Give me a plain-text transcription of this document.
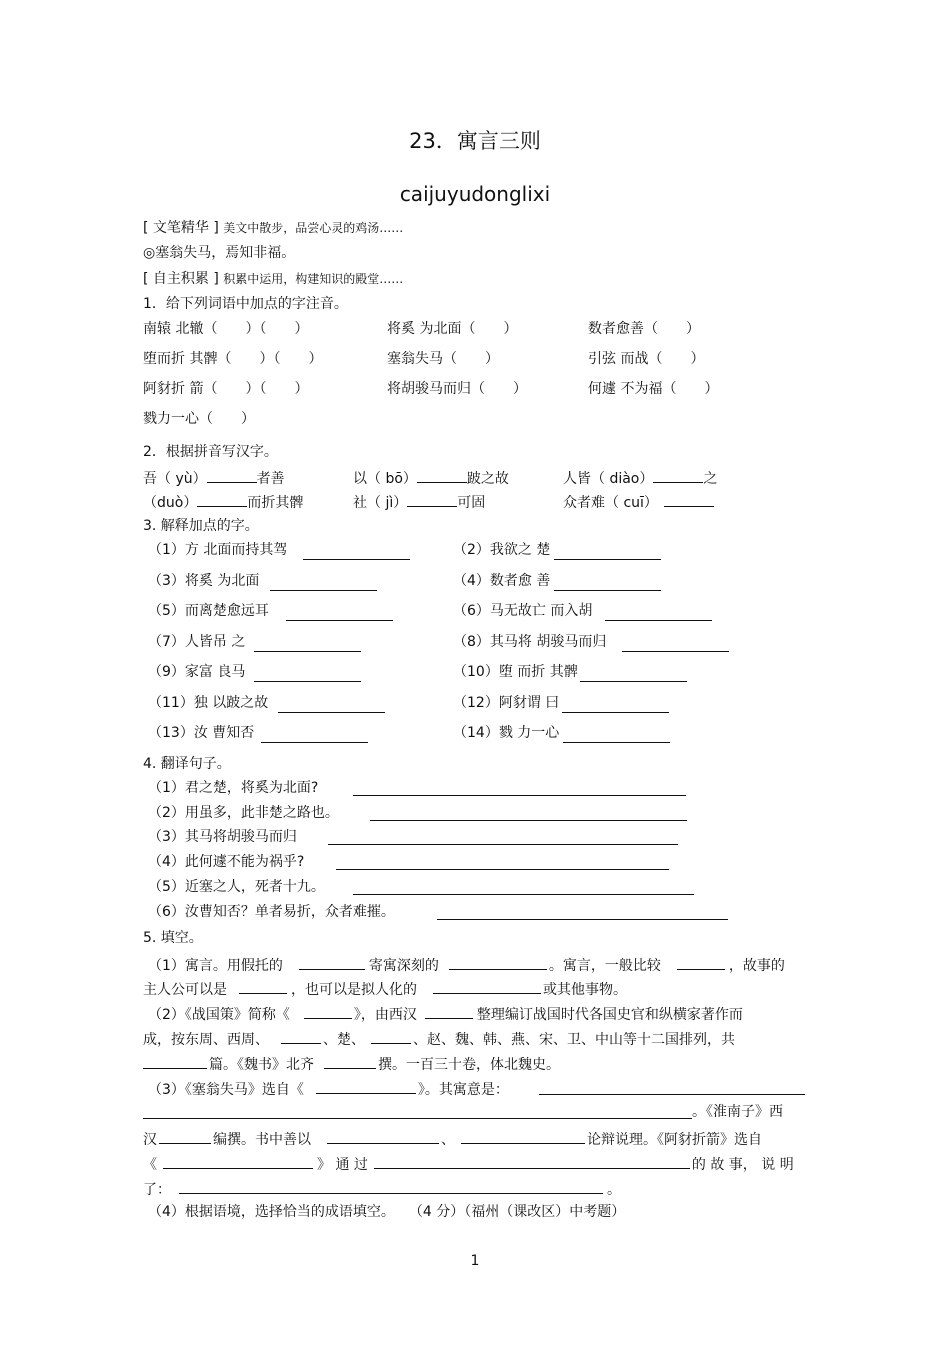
23．寓言三则
caijuyudonglixi
[ 文笔精华 ] 美文中散步，品尝心灵的鸡汤……
◎塞翁失马，焉知非福。
[ 自主积累 ] 积累中运用，构建知识的殿堂……
1．给下列词语中加点的字注音。
南辕 北辙（　　）（　　）	将奚 为北面（　　）	数者愈善（　　）
堕而折 其髀（　　）（　　）	塞翁失马（　　）	引弦 而战（　　）
阿豺折 箭（　　）（　　）	将胡骏马而归（　　）	何遽 不为福（　　）
戮力一心（　　）
2．根据拼音写汉字。
吾（ yù）	者善	以（ bō）	跛之故	人皆（ diào）	之
（duò）	而折其髀	社（ jì）	可固	众者难（ cuī）
3. 解释加点的字。
（1）方 北面而持其驾	（2）我欲之 楚
（3）将奚 为北面	（4）数者愈 善
（5）而离楚愈远耳	（6）马无故亡 而入胡
（7）人皆吊 之	（8）其马将 胡骏马而归
（9）家富 良马	（10）堕 而折 其髀
（11）独 以跛之故	（12）阿豺谓 曰
（13）汝 曹知否	（14）戮 力一心
4. 翻译句子。
（1）君之楚，将奚为北面?
（2）用虽多，此非楚之路也。
（3）其马将胡骏马而归
（4）此何遽不能为祸乎?
（5）近塞之人，死者十九。
（6）汝曹知否？单者易折，众者难摧。
5. 填空。
（1）寓言。用假托的	寄寓深刻的	。寓言，一般比较	，故事的
主人公可以是	，也可以是拟人化的	或其他事物。
（2）《战国策》简称《	》，由西汉	整理编订战国时代各国史官和纵横家著作而
成，按东周、西周、	、楚、	、赵、魏、韩、燕、宋、卫、中山等十二国排列，共
篇。《魏书》北齐	撰。一百三十卷，体北魏史。
（3）《塞翁失马》选自《	》。其寓意是：
。《淮南子》西
汉	编撰。书中善以	、	论辩说理。《阿豺折箭》选自
《	》 通 过	的 故 事， 说 明
了：	。
（4）根据语境，选择恰当的成语填空。　　（4 分）（福州（课改区）中考题）
1
